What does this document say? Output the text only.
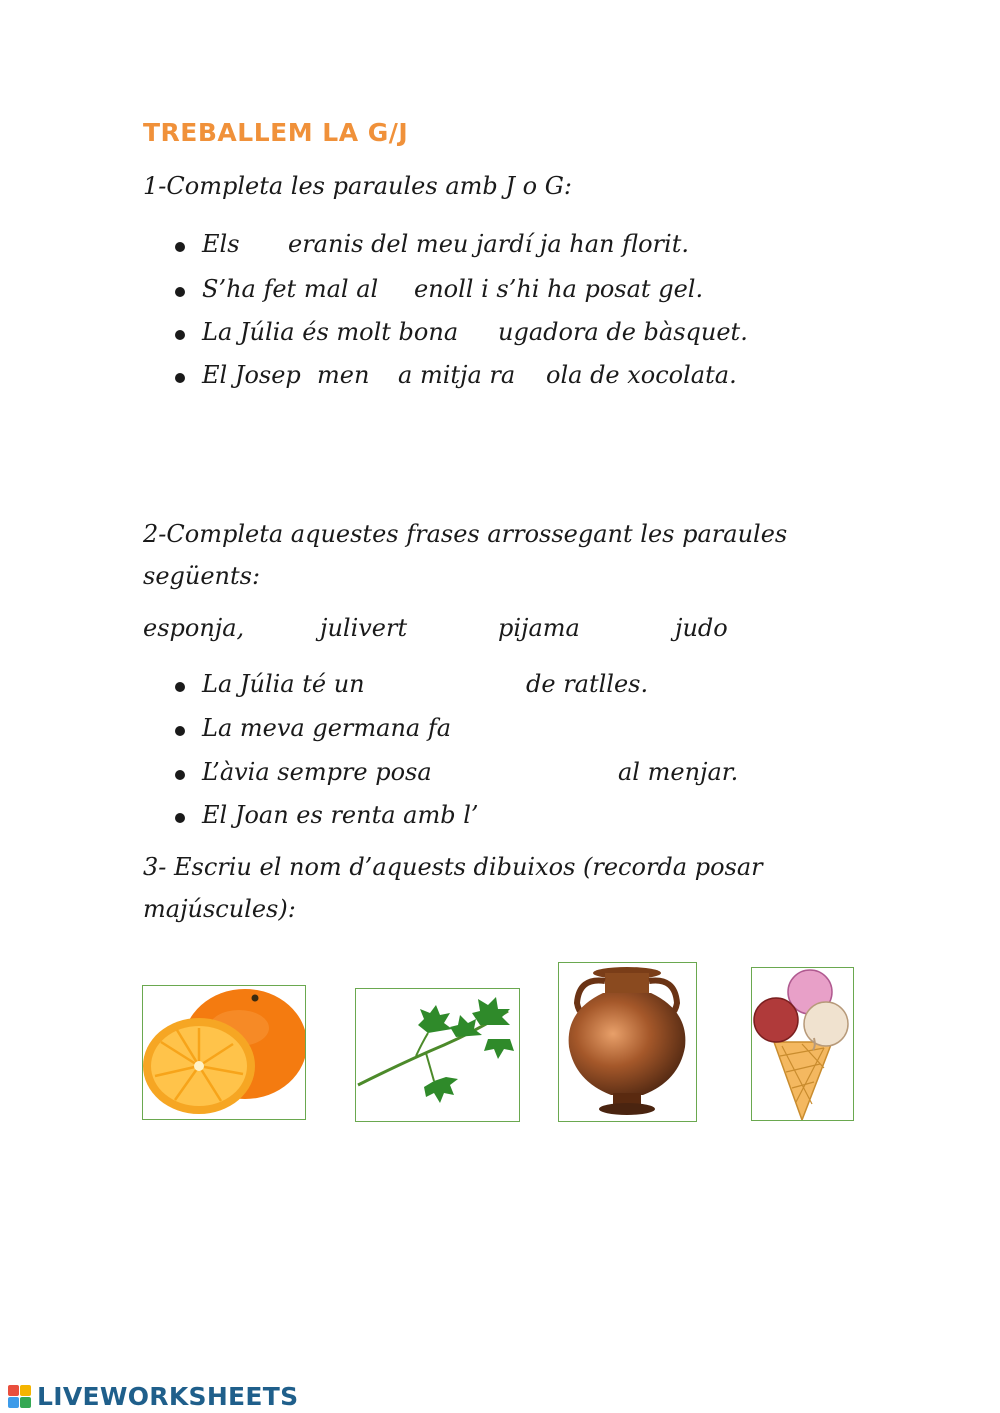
TREBALLEM LA G/J
1-Completa les paraules amb J o G:
Els eranis del meu jardí ja han florit.
S’ha fet mal al enoll i s’hi ha posat gel.
La Júlia és molt bona ugadora de bàsquet.
El Josep men a mitja ra ola de xocolata.
2-Completa aquestes frases arrossegant les paraules
següents:
esponja,	julivert	pijama	judo
La Júlia té un	de ratlles.
La meva germana fa
L’àvia sempre posa	al menjar.
El Joan es renta amb l’
3- Escriu el nom d’aquests dibuixos (recorda posar
majúscules):
LIVEWORKSHEETS
